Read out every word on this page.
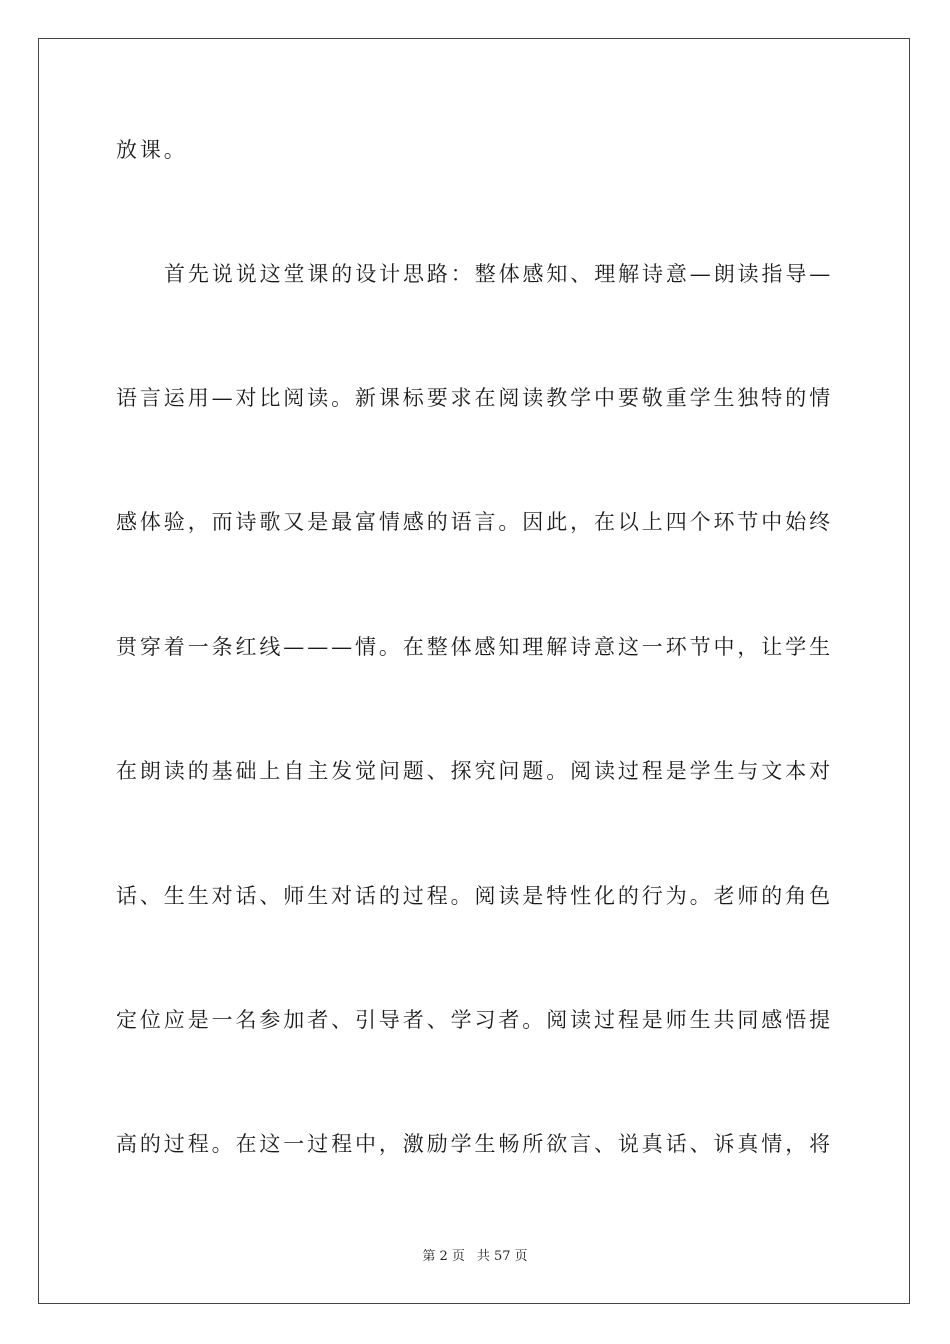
放课。
首先说说这堂课的设计思路：整体感知、理解诗意—朗读指导—
语言运用—对比阅读。新课标要求在阅读教学中要敬重学生独特的情
感体验，而诗歌又是最富情感的语言。因此，在以上四个环节中始终
贯穿着一条红线———情。在整体感知理解诗意这一环节中，让学生
在朗读的基础上自主发觉问题、探究问题。阅读过程是学生与文本对
话、生生对话、师生对话的过程。阅读是特性化的行为。老师的角色
定位应是一名参加者、引导者、学习者。阅读过程是师生共同感悟提
高的过程。在这一过程中，激励学生畅所欲言、说真话、诉真情，将
第 2 页 共 57 页
